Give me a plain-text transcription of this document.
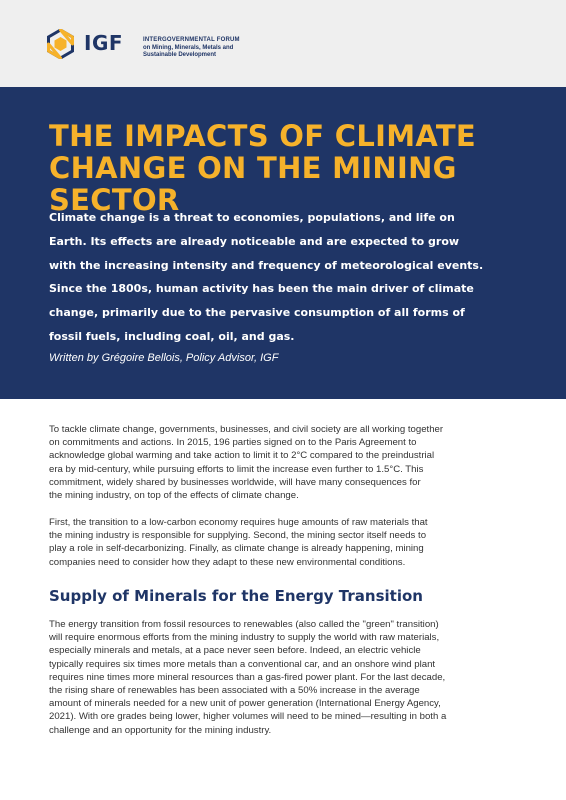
IGF	INTERGOVERNMENTAL FORUM
on Mining, Minerals, Metals and
Sustainable Development
THE IMPACTS OF CLIMATE
CHANGE ON THE MINING SECTOR

Climate change is a threat to economies, populations, and life on
Earth. Its effects are already noticeable and are expected to grow
with the increasing intensity and frequency of meteorological events.
Since the 1800s, human activity has been the main driver of climate
change, primarily due to the pervasive consumption of all forms of
fossil fuels, including coal, oil, and gas.

Written by Grégoire Bellois, Policy Advisor, IGF

To tackle climate change, governments, businesses, and civil society are all working together
on commitments and actions. In 2015, 196 parties signed on to the Paris Agreement to
acknowledge global warming and take action to limit it to 2°C compared to the preindustrial
era by mid-century, while pursuing efforts to limit the increase even further to 1.5°C. This
commitment, widely shared by businesses worldwide, will have many consequences for
the mining industry, on top of the effects of climate change.

First, the transition to a low-carbon economy requires huge amounts of raw materials that
the mining industry is responsible for supplying. Second, the mining sector itself needs to
play a role in self-decarbonizing. Finally, as climate change is already happening, mining
companies need to consider how they adapt to these new environmental conditions.

Supply of Minerals for the Energy Transition

The energy transition from fossil resources to renewables (also called the "green" transition)
will require enormous efforts from the mining industry to supply the world with raw materials,
especially minerals and metals, at a pace never seen before. Indeed, an electric vehicle
typically requires six times more metals than a conventional car, and an onshore wind plant
requires nine times more mineral resources than a gas-fired power plant. For the last decade,
the rising share of renewables has been associated with a 50% increase in the average
amount of minerals needed for a new unit of power generation (International Energy Agency,
2021). With ore grades being lower, higher volumes will need to be mined—resulting in both a
challenge and an opportunity for the mining industry.
